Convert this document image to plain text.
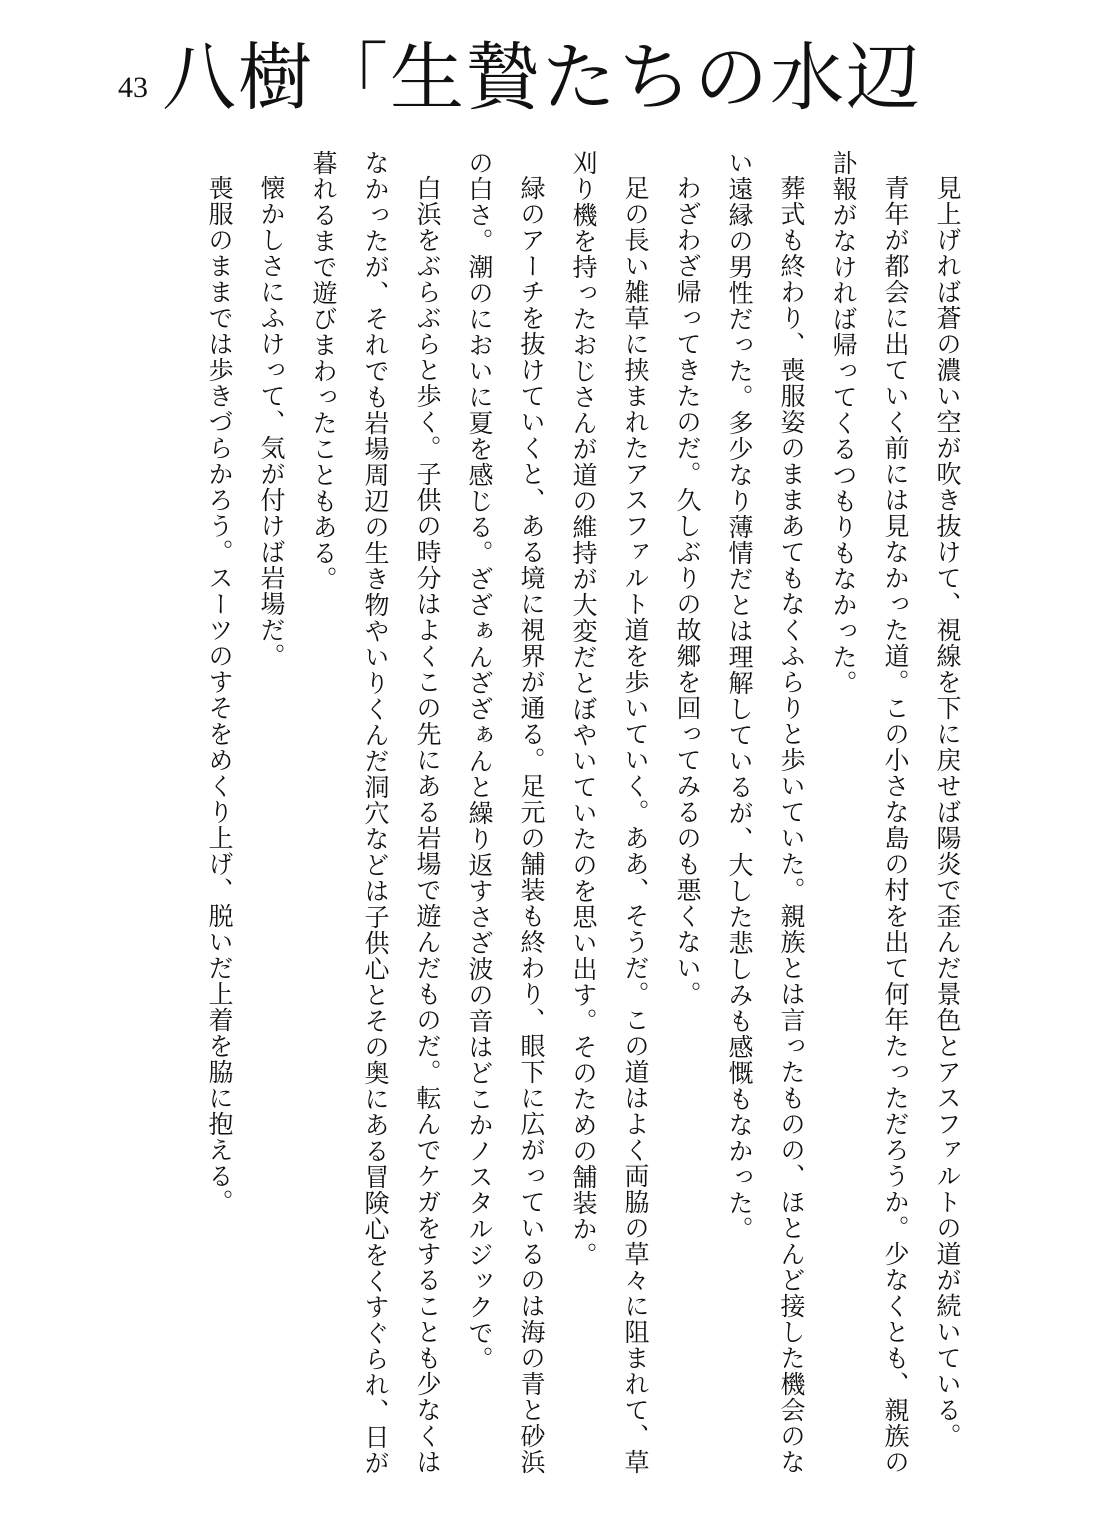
43 八樹「生贄たちの水辺

見上げれば蒼の濃い空が吹き抜けて、視線を下に戻せば陽炎で歪んだ景色とアスファルトの道が続いている。

青年が都会に出ていく前には見なかった道。この小さな島の村を出て何年たっただろうか。少なくとも、親族の訃報がなければ帰ってくるつもりもなかった。

葬式も終わり、喪服姿のままあてもなくふらりと歩いていた。親族とは言ったものの、ほとんど接した機会のない遠縁の男性だった。多少なり薄情だとは理解しているが、大した悲しみも感慨もなかった。

わざわざ帰ってきたのだ。久しぶりの故郷を回ってみるのも悪くない。

足の長い雑草に挟まれたアスファルト道を歩いていく。ああ、そうだ。この道はよく両脇の草々に阻まれて、草刈り機を持ったおじさんが道の維持が大変だとぼやいていたのを思い出す。そのための舗装か。

緑のアーチを抜けていくと、ある境に視界が通る。足元の舗装も終わり、眼下に広がっているのは海の青と砂浜の白さ。潮のにおいに夏を感じる。ざざぁんざざぁんと繰り返すさざ波の音はどこかノスタルジックで。

白浜をぶらぶらと歩く。子供の時分はよくこの先にある岩場で遊んだものだ。転んでケガをすることも少なくはなかったが、それでも岩場周辺の生き物やいりくんだ洞穴などは子供心とその奥にある冒険心をくすぐられ、日が暮れるまで遊びまわったこともある。

懐かしさにふけって、気が付けば岩場だ。

喪服のままでは歩きづらかろう。スーツのすそをめくり上げ、脱いだ上着を脇に抱える。
